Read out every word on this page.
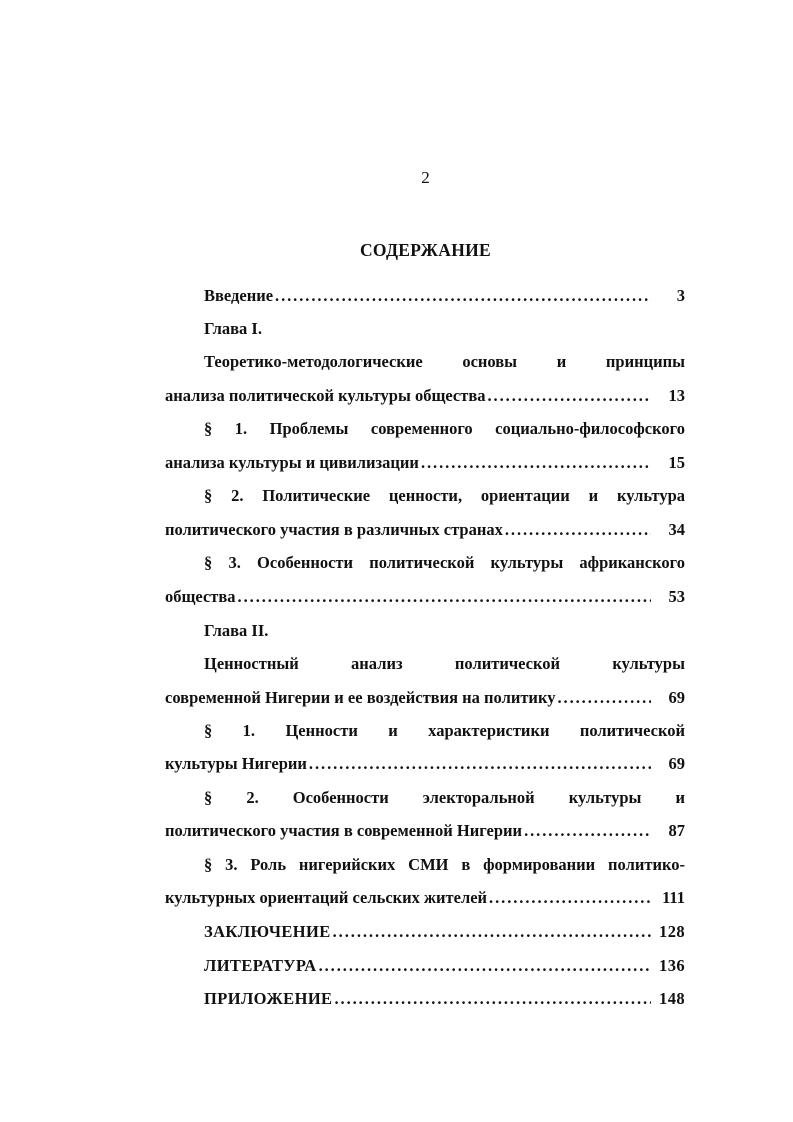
2
СОДЕРЖАНИЕ
Введение . . .	3
Глава I.
Теоретико-методологические основы и принципы
анализа политической культуры общества . . .	13
§ 1. Проблемы современного социально-философского
анализа культуры и цивилизации . . .	15
§ 2. Политические ценности, ориентации и культура
политического участия в различных странах . . .	34
§ 3. Особенности политической культуры африканского
общества . . .	53
Глава II.
Ценностный анализ политической культуры
современной Нигерии и ее воздействия на политику . . .	69
§ 1. Ценности и характеристики политической
культуры Нигерии . . .	69
§ 2. Особенности электоральной культуры и
политического участия в современной Нигерии . . .	87
§ 3. Роль нигерийских СМИ в формировании политико-
культурных ориентаций сельских жителей . . .	111
ЗАКЛЮЧЕНИЕ . . .	128
ЛИТЕРАТУРА . . .	136
ПРИЛОЖЕНИЕ . . .	148
